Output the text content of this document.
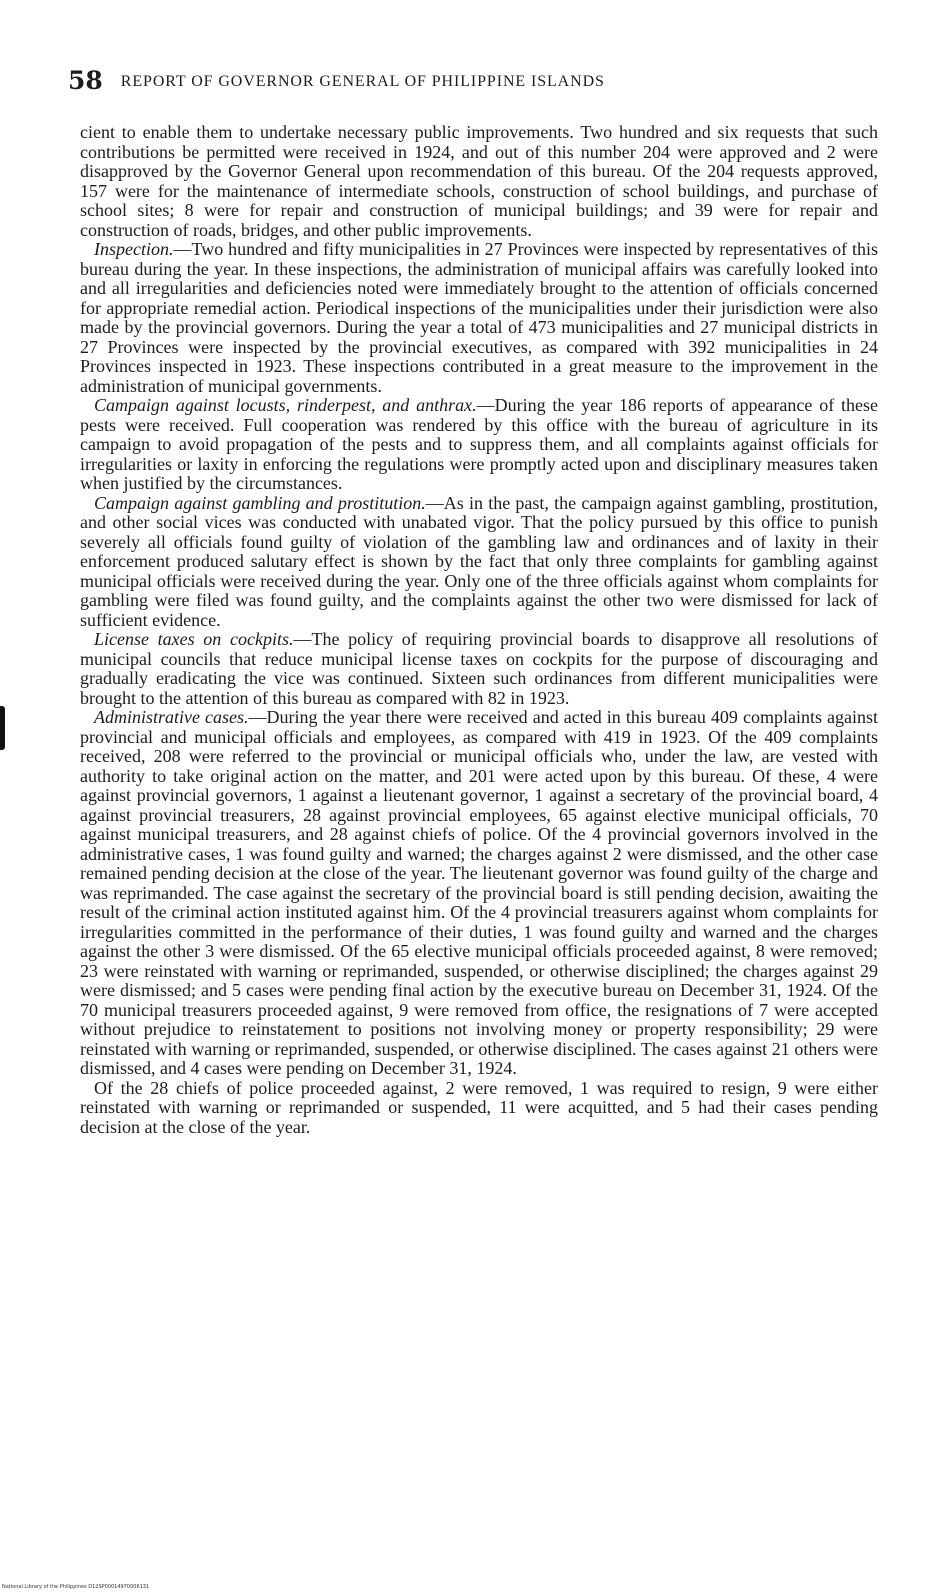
58 REPORT OF GOVERNOR GENERAL OF PHILIPPINE ISLANDS

cient to enable them to undertake necessary public improvements. Two hundred and six requests that such contributions be permitted were received in 1924, and out of this number 204 were approved and 2 were disapproved by the Governor General upon recommendation of this bureau. Of the 204 requests approved, 157 were for the maintenance of intermediate schools, construction of school buildings, and purchase of school sites; 8 were for repair and construction of municipal buildings; and 39 were for repair and construction of roads, bridges, and other public improvements.

Inspection.—Two hundred and fifty municipalities in 27 Provinces were inspected by representatives of this bureau during the year. In these inspections, the administration of municipal affairs was carefully looked into and all irregularities and deficiencies noted were immediately brought to the attention of officials concerned for appropriate remedial action. Periodical inspections of the municipalities under their jurisdiction were also made by the provincial governors. During the year a total of 473 municipalities and 27 municipal districts in 27 Provinces were inspected by the provincial executives, as compared with 392 municipalities in 24 Provinces inspected in 1923. These inspections contributed in a great measure to the improvement in the administration of municipal governments.

Campaign against locusts, rinderpest, and anthrax.—During the year 186 reports of appearance of these pests were received. Full cooperation was rendered by this office with the bureau of agriculture in its campaign to avoid propagation of the pests and to suppress them, and all complaints against officials for irregularities or laxity in enforcing the regulations were promptly acted upon and disciplinary measures taken when justified by the circumstances.

Campaign against gambling and prostitution.—As in the past, the campaign against gambling, prostitution, and other social vices was conducted with unabated vigor. That the policy pursued by this office to punish severely all officials found guilty of violation of the gambling law and ordinances and of laxity in their enforcement produced salutary effect is shown by the fact that only three complaints for gambling against municipal officials were received during the year. Only one of the three officials against whom complaints for gambling were filed was found guilty, and the complaints against the other two were dismissed for lack of sufficient evidence.

License taxes on cockpits.—The policy of requiring provincial boards to disapprove all resolutions of municipal councils that reduce municipal license taxes on cockpits for the purpose of discouraging and gradually eradicating the vice was continued. Sixteen such ordinances from different municipalities were brought to the attention of this bureau as compared with 82 in 1923.

Administrative cases.—During the year there were received and acted in this bureau 409 complaints against provincial and municipal officials and employees, as compared with 419 in 1923. Of the 409 complaints received, 208 were referred to the provincial or municipal officials who, under the law, are vested with authority to take original action on the matter, and 201 were acted upon by this bureau. Of these, 4 were against provincial governors, 1 against a lieutenant governor, 1 against a secretary of the provincial board, 4 against provincial treasurers, 28 against provincial employees, 65 against elective municipal officials, 70 against municipal treasurers, and 28 against chiefs of police. Of the 4 provincial governors involved in the administrative cases, 1 was found guilty and warned; the charges against 2 were dismissed, and the other case remained pending decision at the close of the year. The lieutenant governor was found guilty of the charge and was reprimanded. The case against the secretary of the provincial board is still pending decision, awaiting the result of the criminal action instituted against him. Of the 4 provincial treasurers against whom complaints for irregularities committed in the performance of their duties, 1 was found guilty and warned and the charges against the other 3 were dismissed. Of the 65 elective municipal officials proceeded against, 8 were removed; 23 were reinstated with warning or reprimanded, suspended, or otherwise disciplined; the charges against 29 were dismissed; and 5 cases were pending final action by the executive bureau on December 31, 1924. Of the 70 municipal treasurers proceeded against, 9 were removed from office, the resignations of 7 were accepted without prejudice to reinstatement to positions not involving money or property responsibility; 29 were reinstated with warning or reprimanded, suspended, or otherwise disciplined. The cases against 21 others were dismissed, and 4 cases were pending on December 31, 1924.

Of the 28 chiefs of police proceeded against, 2 were removed, 1 was required to resign, 9 were either reinstated with warning or reprimanded or suspended, 11 were acquitted, and 5 had their cases pending decision at the close of the year.

National Library of the Philippines D12SP00014970006131
